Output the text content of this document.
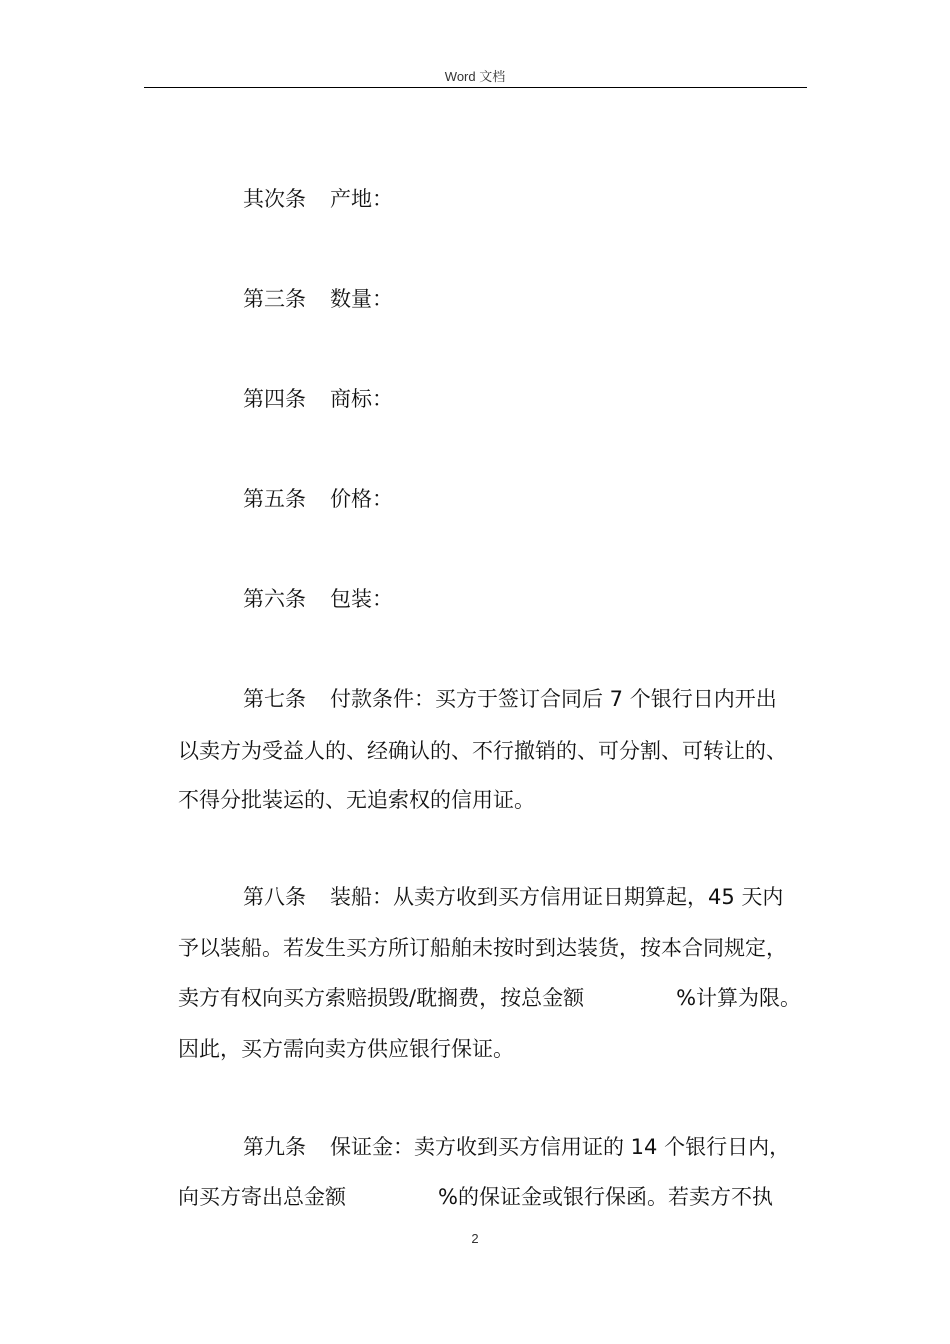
Word 文档
其次条 产地：
第三条 数量：
第四条 商标：
第五条 价格：
第六条 包装：
第七条 付款条件：买方于签订合同后 7 个银行日内开出
以卖方为受益人的、经确认的、不行撤销的、可分割、可转让的、
不得分批装运的、无追索权的信用证。
第八条 装船：从卖方收到买方信用证日期算起，45 天内
予以装船。若发生买方所订船舶未按时到达装货，按本合同规定，
卖方有权向买方索赔损毁/耽搁费，按总金额	%计算为限。
因此，买方需向卖方供应银行保证。
第九条 保证金：卖方收到买方信用证的 14 个银行日内，
向买方寄出总金额	%的保证金或银行保函。若卖方不执
2
